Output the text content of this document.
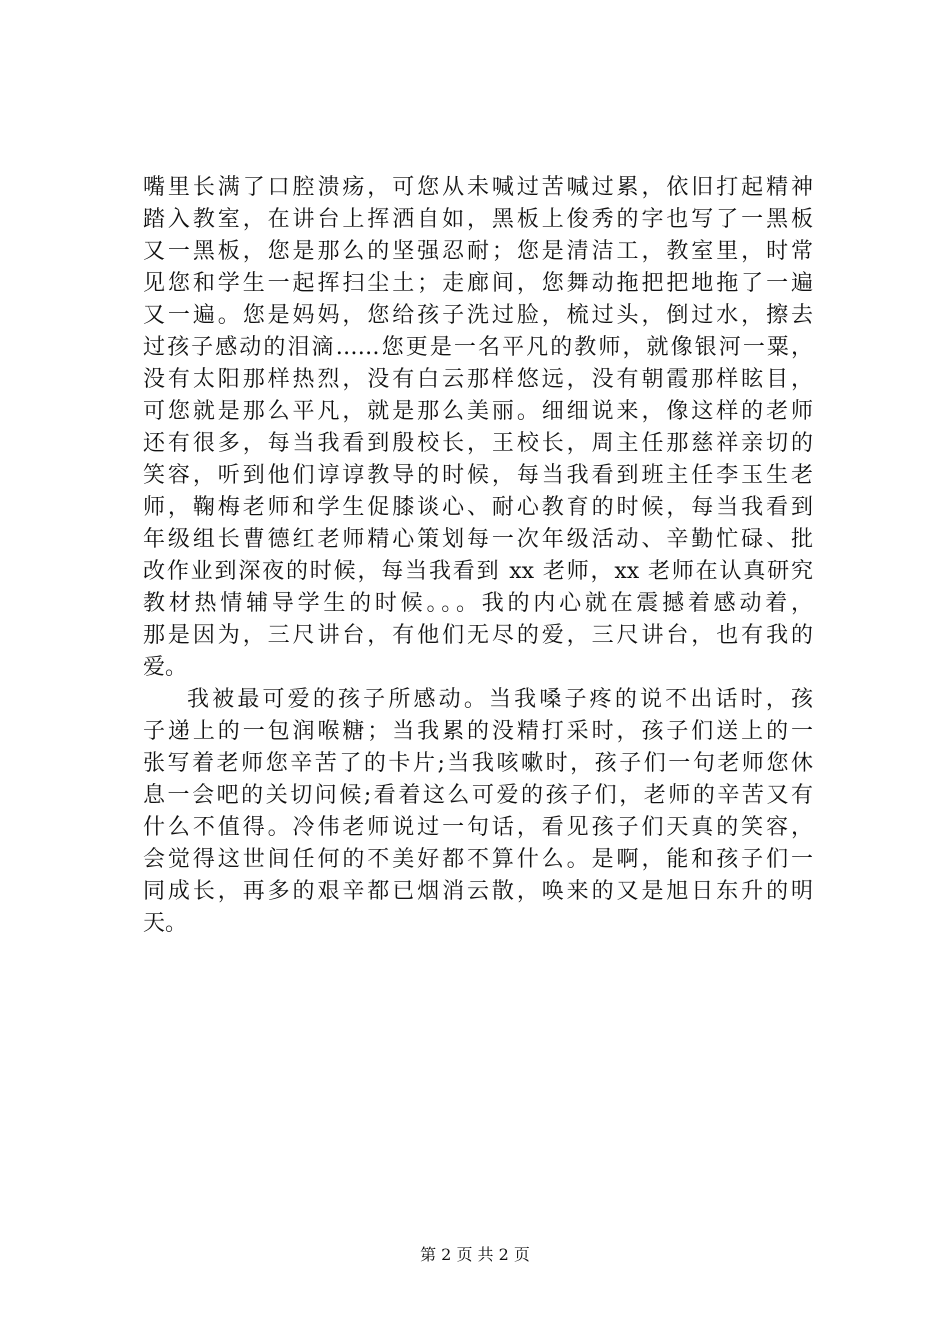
嘴里长满了口腔溃疡，可您从未喊过苦喊过累，依旧打起精神
踏入教室，在讲台上挥洒自如，黑板上俊秀的字也写了一黑板
又一黑板，您是那么的坚强忍耐；您是清洁工，教室里，时常
见您和学生一起挥扫尘土；走廊间，您舞动拖把把地拖了一遍
又一遍。您是妈妈，您给孩子洗过脸，梳过头，倒过水，擦去
过孩子感动的泪滴……您更是一名平凡的教师，就像银河一粟，
没有太阳那样热烈，没有白云那样悠远，没有朝霞那样眩目，
可您就是那么平凡，就是那么美丽。细细说来，像这样的老师
还有很多，每当我看到殷校长，王校长，周主任那慈祥亲切的
笑容，听到他们谆谆教导的时候，每当我看到班主任李玉生老
师，鞠梅老师和学生促膝谈心、耐心教育的时候，每当我看到
年级组长曹德红老师精心策划每一次年级活动、辛勤忙碌、批
改作业到深夜的时候，每当我看到 xx 老师，xx 老师在认真研究
教材热情辅导学生的时候。。。我的内心就在震撼着感动着，
那是因为，三尺讲台，有他们无尽的爱，三尺讲台，也有我的
爱。
我被最可爱的孩子所感动。当我嗓子疼的说不出话时，孩
子递上的一包润喉糖；当我累的没精打采时，孩子们送上的一
张写着老师您辛苦了的卡片;当我咳嗽时，孩子们一句老师您休
息一会吧的关切问候;看着这么可爱的孩子们，老师的辛苦又有
什么不值得。冷伟老师说过一句话，看见孩子们天真的笑容，
会觉得这世间任何的不美好都不算什么。是啊，能和孩子们一
同成长，再多的艰辛都已烟消云散，唤来的又是旭日东升的明
天。
第 2 页 共 2 页
